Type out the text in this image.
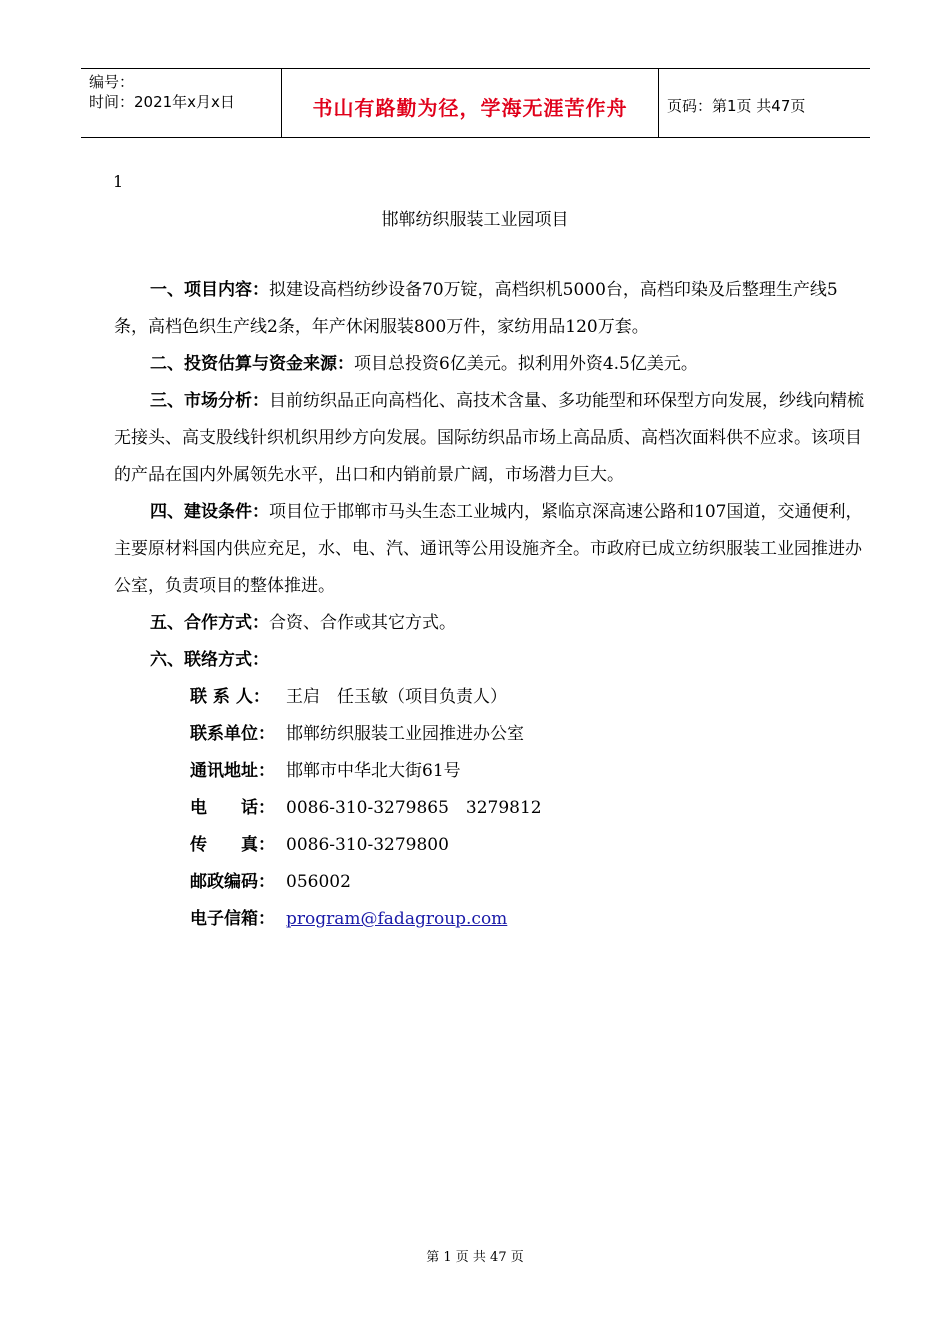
编号：
时间：2021年x月x日	书山有路勤为径，学海无涯苦作舟	页码：第1页 共47页
1
邯郸纺织服装工业园项目

一、项目内容：拟建设高档纺纱设备70万锭，高档织机5000台，高档印染及后整理生产线5条，高档色织生产线2条，年产休闲服装800万件，家纺用品120万套。

二、投资估算与资金来源：项目总投资6亿美元。拟利用外资4.5亿美元。

三、市场分析：目前纺织品正向高档化、高技术含量、多功能型和环保型方向发展，纱线向精梳无接头、高支股线针织机织用纱方向发展。国际纺织品市场上高品质、高档次面料供不应求。该项目的产品在国内外属领先水平，出口和内销前景广阔，市场潜力巨大。

四、建设条件：项目位于邯郸市马头生态工业城内，紧临京深高速公路和107国道，交通便利，主要原材料国内供应充足，水、电、汽、通讯等公用设施齐全。市政府已成立纺织服装工业园推进办公室，负责项目的整体推进。

五、合作方式：合资、合作或其它方式。

六、联络方式：

联 系 人： 王启　任玉敏（项目负责人）

联系单位： 邯郸纺织服装工业园推进办公室

通讯地址： 邯郸市中华北大街61号

电　　话： 0086-310-3279865　3279812

传　　真： 0086-310-3279800

邮政编码： 056002

电子信箱： program@fadagroup.com

第 1 页 共 47 页
